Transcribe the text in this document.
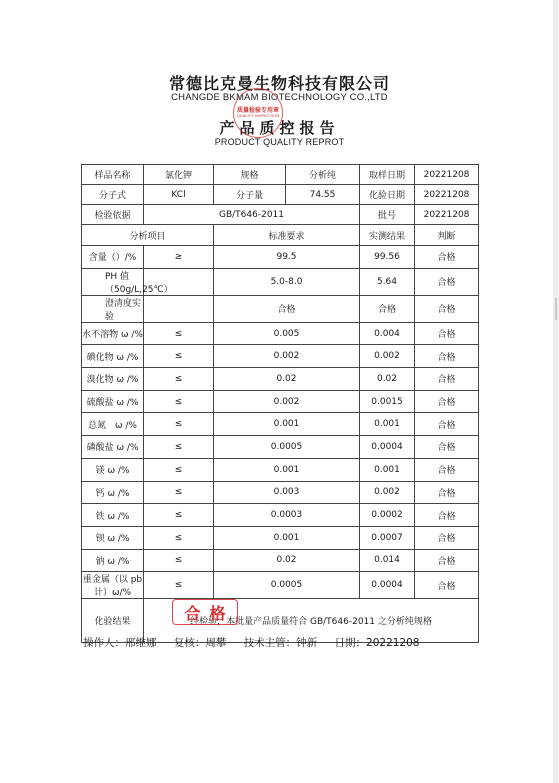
常德比克曼生物科技有限公司
CHANGDE BKMAM BIOTECHNOLOGY CO.,LTD
产品质控报告
PRODUCT QUALITY REPROT
质量检验专用章
QUALITY INSPECTION
样品名称	氯化钾	规格	分析纯	取样日期	20221208
分子式	KCl	分子量	74.55	化验日期	20221208
检验依据	GB/T646-2011			批号	20221208
分析项目		标准要求		实测结果	判断
含量（）/%	≥	99.5		99.56	合格
PH 值（50g/L,25℃）		5.0-8.0		5.64	合格
澄清度实验		合格		合格	合格
水不溶物 ω /%	≤	0.005		0.004	合格
碘化物 ω /%	≤	0.002		0.002	合格
溴化物 ω /%	≤	0.02		0.02	合格
硫酸盐 ω /%	≤	0.002		0.0015	合格
总氮　ω /%	≤	0.001		0.001	合格
磷酸盐 ω /%	≤	0.0005		0.0004	合格
镁 ω /%	≤	0.001		0.001	合格
钙 ω /%	≤	0.003		0.002	合格
铁 ω /%	≤	0.0003		0.0002	合格
钡 ω /%	≤	0.001		0.0007	合格
钠 ω /%	≤	0.02		0.014	合格
重金属（以 pb 计）ω/%	≤	0.0005		0.0004	合格
化验结果	经检验，本批量产品质量符合 GB/T646-2011 之分析纯规格
合格				
操作人：邢维娜 复核：周攀 技术主管：钟新 日期：20221208
